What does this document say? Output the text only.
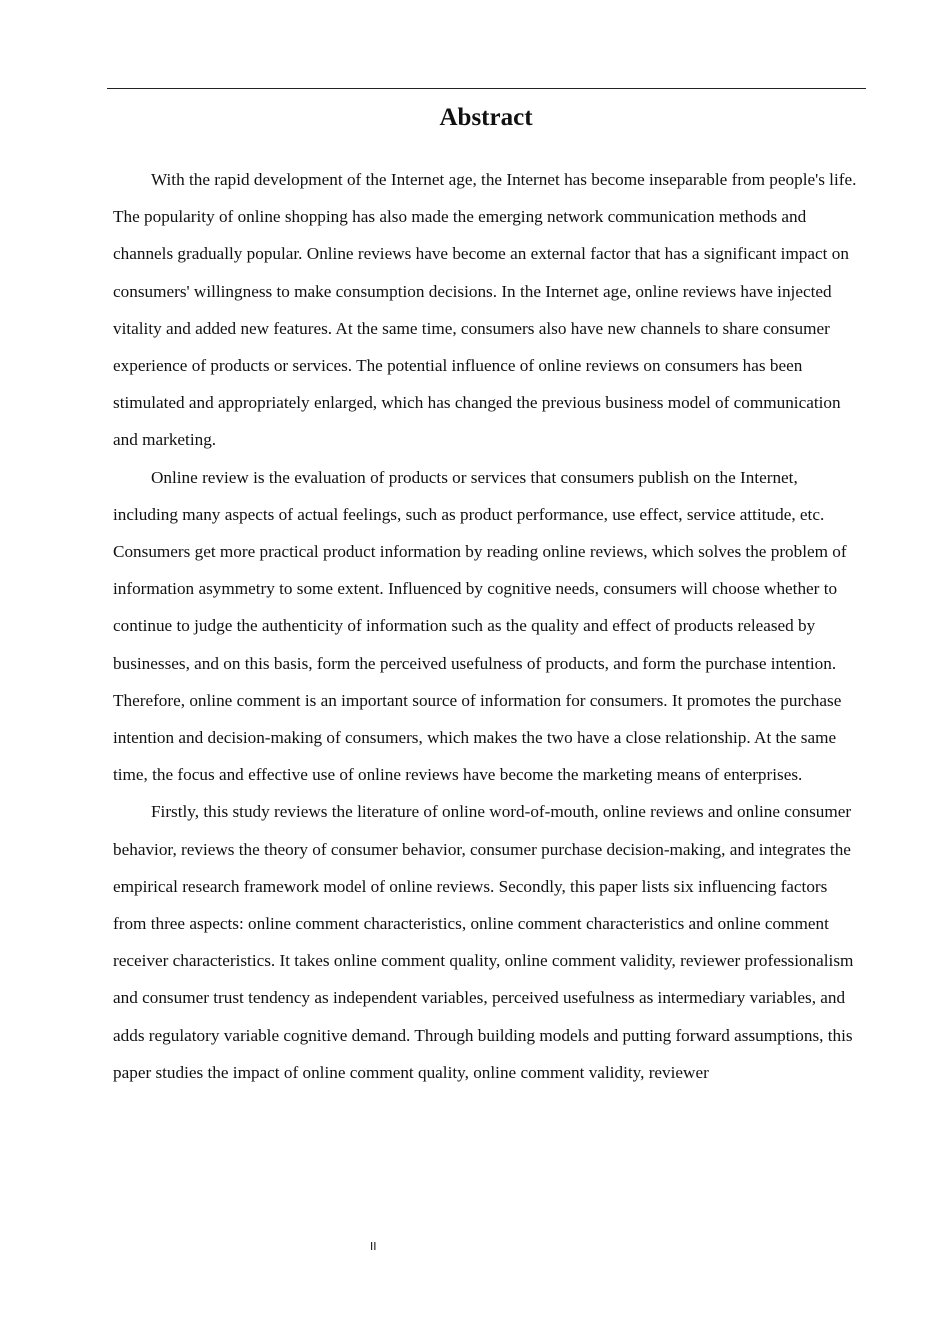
Abstract

With the rapid development of the Internet age, the Internet has become inseparable from people's life. The popularity of online shopping has also made the emerging network communication methods and channels gradually popular. Online reviews have become an external factor that has a significant impact on consumers' willingness to make consumption decisions. In the Internet age, online reviews have injected vitality and added new features. At the same time, consumers also have new channels to share consumer experience of products or services. The potential influence of online reviews on consumers has been stimulated and appropriately enlarged, which has changed the previous business model of communication and marketing.

Online review is the evaluation of products or services that consumers publish on the Internet, including many aspects of actual feelings, such as product performance, use effect, service attitude, etc. Consumers get more practical product information by reading online reviews, which solves the problem of information asymmetry to some extent. Influenced by cognitive needs, consumers will choose whether to continue to judge the authenticity of information such as the quality and effect of products released by businesses, and on this basis, form the perceived usefulness of products, and form the purchase intention. Therefore, online comment is an important source of information for consumers. It promotes the purchase intention and decision-making of consumers, which makes the two have a close relationship. At the same time, the focus and effective use of online reviews have become the marketing means of enterprises.

Firstly, this study reviews the literature of online word-of-mouth, online reviews and online consumer behavior, reviews the theory of consumer behavior, consumer purchase decision-making, and integrates the empirical research framework model of online reviews. Secondly, this paper lists six influencing factors from three aspects: online comment characteristics, online comment characteristics and online comment receiver characteristics. It takes online comment quality, online comment validity, reviewer professionalism and consumer trust tendency as independent variables, perceived usefulness as intermediary variables, and adds regulatory variable cognitive demand. Through building models and putting forward assumptions, this paper studies the impact of online comment quality, online comment validity, reviewer

II
